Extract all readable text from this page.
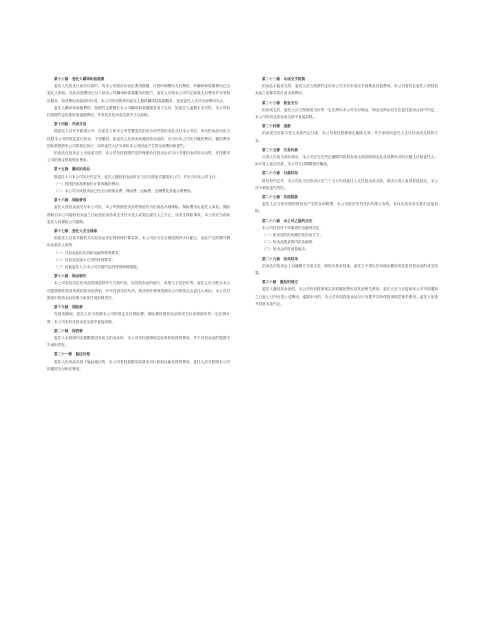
第十三條　委托人翻译和装箱费
委托人在拍卖日前后付款时，均本公司按市价设定费用数额，可按时调整所支付费用，并翻译和装箱费用已由委托人承担。在此前款费用已付入到本公司翻译和装箱服务的账户，委托人可按本公司约定标准支付费用并享受相应服务，如该费用未能按时付清，本公司有权暂停向委托人提供翻译及装箱服务，直至委托人支付全部费用为止。
委托人翻译和装箱费的，按照约定数额在本公司翻译和装箱服务项下支付，如委托人逾期未支付的，本公司有权按照约定标准收取逾期费用，并有权在拍卖成交款中予以扣除。
第十四條　负面交易
除委托人另有书面指示外，在委托人和本公司签署委托拍卖合同并将拍卖品交付本公司后，所有拍卖品均应当按照本公司的规定进行拍卖，不得撤回。如委托人在拍卖前撤回拍卖品的，应当向本公司支付撤拍费用，撤拍费用的标准按照本公司的规定执行，同时委托人应当承担本公司因此产生的全部费用和损失。
拍卖品在拍卖会上未能成交的，本公司有权按照约定的保留价在拍卖会后另行安排拍卖或协议出售，并按照本公司的规定收取相应费用。
第十五條　撤回拍卖品
除委托人与本公司另行约定外，委托人撤回拍卖品时应当以书面形式通知本公司，并应当向本公司支付：
（一）按照拍卖品保留价计算的撤拍费用；
（二）本公司为该拍卖品已经支出的图录费、保险费、运输费、仓储费及其他合理费用。
第十六條　保险费用
委托人将拍卖品交付本公司后，本公司按照拍卖品的保留价为拍卖品办理保险，保险费用由委托人承担。保险期间自本公司接收拍卖品之日起至拍卖品成交交付买受人或退还委托人之日止。如发生保险事故，本公司应当协助委托人向保险公司索赔。
第十七條　委托人安全保障
如委托人以其书面形式为拍卖品设定特别保护要求的，本公司应当在合理范围内予以配合，由此产生的额外费用由委托人承担：
（一）对拍卖品的存放和运输的特殊要求；
（二）对拍卖品展示方式的特别要求；
（三）其他委托人与本公司书面约定的特别保障措施。
第十八條　图录制作
本公司有权决定拍卖品的图录制作方式和内容，包括拍卖品的照片、说明文字及估价等。委托人应当配合本公司提供制作图录所需的拍卖品资料，并对其真实性负责。图录制作费用按照本公司的规定由委托人承担。本公司对图录中的拍卖品说明不承担任何担保责任。
第十九條　保险费
在拍卖期间，委托人应当按照本公司的规定支付保险费，保险费按照拍卖品的成交价或保留价的一定比例计算，本公司有权从拍卖成交款中直接扣除。
第二十條　保管费
委托人未按照约定期限领回未成交拍卖品的，本公司有权按照规定标准收取保管费用，并不对拍卖品的毁损灭失承担责任。
第二十一條　偏远处理
委托人拍卖品存放于偏远地区的，本公司有权根据实际情况另行收取运输及保管费用，委托人应当按照本公司的通知支付相应费用。
第二十二條　未成交手续费
拍卖品未能成交的，委托人应当按照约定向本公司支付未成交手续费及其他费用，本公司有权在委托人领回拍卖品之前要求其付清全部费用。
第二十三條　佣金支付
拍卖成交后，委托人应当按照成交价的一定比例向本公司支付佣金，佣金比例由双方在委托拍卖合同中约定，本公司有权从拍卖成交款中直接扣除。
第二十四條　退款
拍卖成交后如买受人未按约定付款，本公司有权按照规定解除交易，并不承担向委托人支付拍卖成交款的义务。
第二十五條　交易价款
买受人付清全部价款后，本公司应当在约定期限内将拍卖成交款扣除佣金及各项费用后的余额支付给委托人。如买受人延迟付款，本公司支付期限相应顺延。
第二十六條　付款时间
除另有约定外，本公司应当在拍卖日后三十五日内向委托人支付拍卖成交款。如因买受人原因导致延迟，本公司不承担违约责任。
第二十七條　其他税款
委托人应当依法缴纳因拍卖产生的各项税费，本公司依法负有代扣代缴义务的，有权从拍卖成交款中直接扣除。
第二十八條　本公司之最终决定
本公司有权对下列事项作出最终决定：
（一）拍卖品的拍卖顺序及拍卖方式；
（二）拍卖品图录的内容及编排；
（三）拍卖会的时间及地点。
第二十九條　拍卖结束
拍卖品在拍卖会上以落槌方式成交后，即视为拍卖结束，委托人不得以任何理由撤回或变更该拍卖品的成交结果。
第三十條　撤拍的规定
委托人撤回拍卖品的，本公司有权按照规定收取撤拍费用及其他相关费用。委托人应当在接到本公司书面通知之日起七日内付清上述费用，逾期未付的，本公司有权将拍卖品另行处置并以所得款项抵偿相关费用。委托人知悉并同意本条约定。
